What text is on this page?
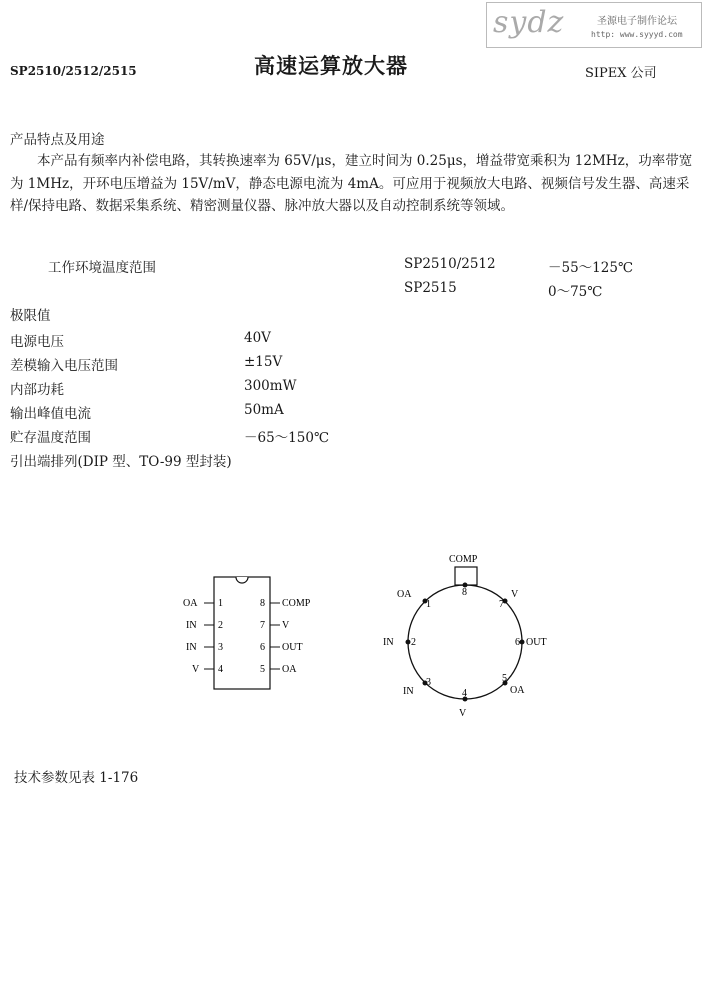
sydz	圣源电子制作论坛
http: www.syyyd.com
SP2510/2512/2515	高速运算放大器	SIPEX 公司
产品特点及用途
本产品有频率内补偿电路，其转换速率为 65V/μs，建立时间为 0.25μs，增益带宽乘积为 12MHz，功率带宽为 1MHz，开环电压增益为 15V/mV，静态电源电流为 4mA。可应用于视频放大电路、视频信号发生器、高速采样/保持电路、数据采集系统、精密测量仪器、脉冲放大器以及自动控制系统等领域。
工作环境温度范围	SP2510/2512	－55～125℃
SP2515	0～75℃
极限值
电源电压	40V
差模输入电压范围	±15V
内部功耗	300mW
输出峰值电流	50mA
贮存温度范围	－65～150℃
引出端排列(DIP 型、TO-99 型封装)
OA 1
IN 2
IN 3
V 4
8 COMP
7 V
6 OUT
5 OA
COMP
8	V
7
OUT
6
OA
5
V
4
IN
3
IN 2
OA
1
技术参数见表 1-176
